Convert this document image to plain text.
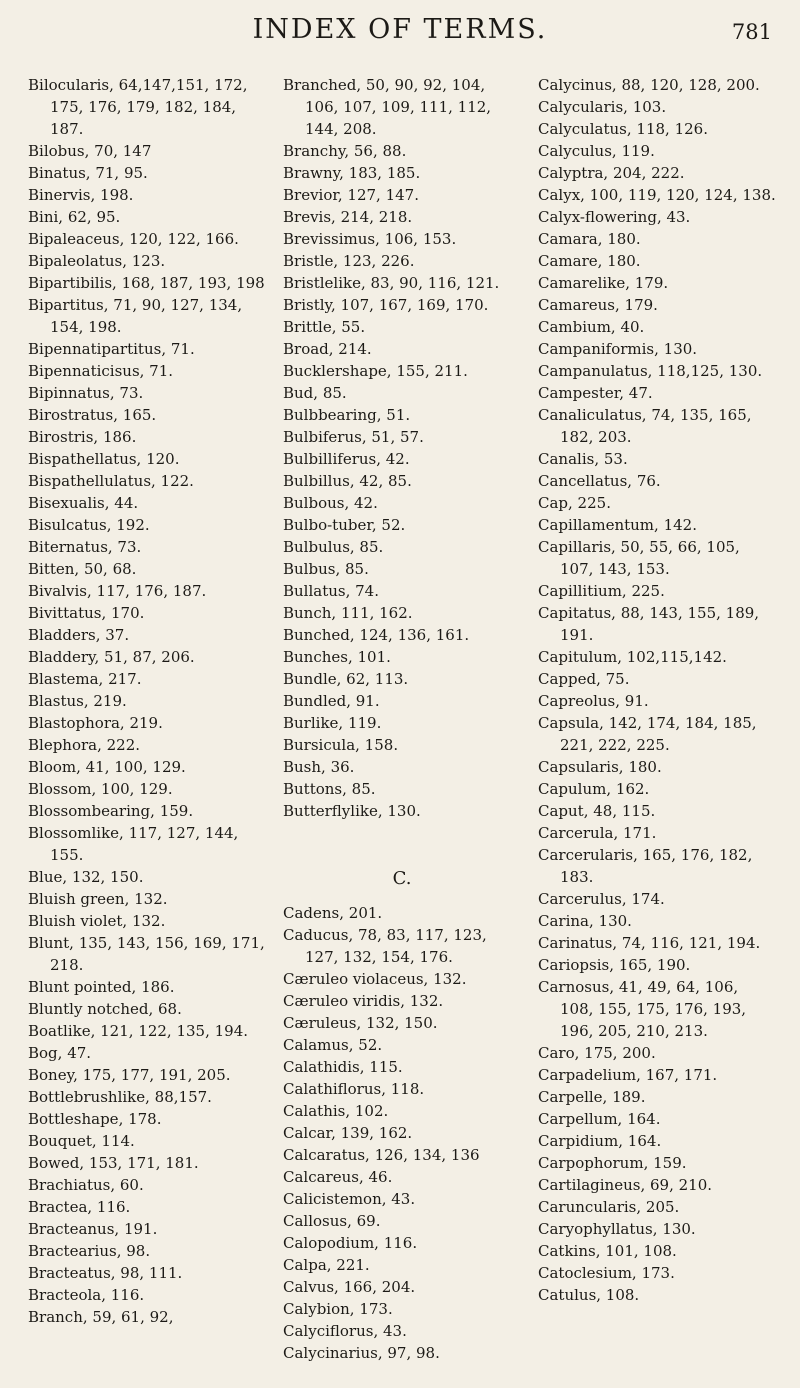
INDEX OF TERMS.	781
Bilocularis, 64,147,151, 172, 175, 176, 179, 182, 184, 187.
Bilobus, 70, 147
Binatus, 71, 95.
Binervis, 198.
Bini, 62, 95.
Bipaleaceus, 120, 122, 166.
Bipaleolatus, 123.
Bipartibilis, 168, 187, 193, 198
Bipartitus, 71, 90, 127, 134, 154, 198.
Bipennatipartitus, 71.
Bipennaticisus, 71.
Bipinnatus, 73.
Birostratus, 165.
Birostris, 186.
Bispathellatus, 120.
Bispathellulatus, 122.
Bisexualis, 44.
Bisulcatus, 192.
Biternatus, 73.
Bitten, 50, 68.
Bivalvis, 117, 176, 187.
Bivittatus, 170.
Bladders, 37.
Bladdery, 51, 87, 206.
Blastema, 217.
Blastus, 219.
Blastophora, 219.
Blephora, 222.
Bloom, 41, 100, 129.
Blossom, 100, 129.
Blossombearing, 159.
Blossomlike, 117, 127, 144, 155.
Blue, 132, 150.
Bluish green, 132.
Bluish violet, 132.
Blunt, 135, 143, 156, 169, 171, 218.
Blunt pointed, 186.
Bluntly notched, 68.
Boatlike, 121, 122, 135, 194.
Bog, 47.
Boney, 175, 177, 191, 205.
Bottlebrushlike, 88,157.
Bottleshape, 178.
Bouquet, 114.
Bowed, 153, 171, 181.
Brachiatus, 60.
Bractea, 116.
Bracteanus, 191.
Bractearius, 98.
Bracteatus, 98, 111.
Bracteola, 116.
Branch, 59, 61, 92,
Branched, 50, 90, 92, 104, 106, 107, 109, 111, 112, 144, 208.
Branchy, 56, 88.
Brawny, 183, 185.
Brevior, 127, 147.
Brevis, 214, 218.
Brevissimus, 106, 153.
Bristle, 123, 226.
Bristlelike, 83, 90, 116, 121.
Bristly, 107, 167, 169, 170.
Brittle, 55.
Broad, 214.
Bucklershape, 155, 211.
Bud, 85.
Bulbbearing, 51.
Bulbiferus, 51, 57.
Bulbilliferus, 42.
Bulbillus, 42, 85.
Bulbous, 42.
Bulbo-tuber, 52.
Bulbulus, 85.
Bulbus, 85.
Bullatus, 74.
Bunch, 111, 162.
Bunched, 124, 136, 161.
Bunches, 101.
Bundle, 62, 113.
Bundled, 91.
Burlike, 119.
Bursicula, 158.
Bush, 36.
Buttons, 85.
Butterflylike, 130.
C.
Cadens, 201.
Caducus, 78, 83, 117, 123, 127, 132, 154, 176.
Cæruleo violaceus, 132.
Cæruleo viridis, 132.
Cæruleus, 132, 150.
Calamus, 52.
Calathidis, 115.
Calathiflorus, 118.
Calathis, 102.
Calcar, 139, 162.
Calcaratus, 126, 134, 136
Calcareus, 46.
Calicistemon, 43.
Callosus, 69.
Calopodium, 116.
Calpa, 221.
Calvus, 166, 204.
Calybion, 173.
Calyciflorus, 43.
Calycinarius, 97, 98.
Calycinus, 88, 120, 128, 200.
Calycularis, 103.
Calyculatus, 118, 126.
Calyculus, 119.
Calyptra, 204, 222.
Calyx, 100, 119, 120, 124, 138.
Calyx-flowering, 43.
Camara, 180.
Camare, 180.
Camarelike, 179.
Camareus, 179.
Cambium, 40.
Campaniformis, 130.
Campanulatus, 118,125, 130.
Campester, 47.
Canaliculatus, 74, 135, 165, 182, 203.
Canalis, 53.
Cancellatus, 76.
Cap, 225.
Capillamentum, 142.
Capillaris, 50, 55, 66, 105, 107, 143, 153.
Capillitium, 225.
Capitatus, 88, 143, 155, 189, 191.
Capitulum, 102,115,142.
Capped, 75.
Capreolus, 91.
Capsula, 142, 174, 184, 185, 221, 222, 225.
Capsularis, 180.
Capulum, 162.
Caput, 48, 115.
Carcerula, 171.
Carcerularis, 165, 176, 182, 183.
Carcerulus, 174.
Carina, 130.
Carinatus, 74, 116, 121, 194.
Cariopsis, 165, 190.
Carnosus, 41, 49, 64, 106, 108, 155, 175, 176, 193, 196, 205, 210, 213.
Caro, 175, 200.
Carpadelium, 167, 171.
Carpelle, 189.
Carpellum, 164.
Carpidium, 164.
Carpophorum, 159.
Cartilagineus, 69, 210.
Caruncularis, 205.
Caryophyllatus, 130.
Catkins, 101, 108.
Catoclesium, 173.
Catulus, 108.
